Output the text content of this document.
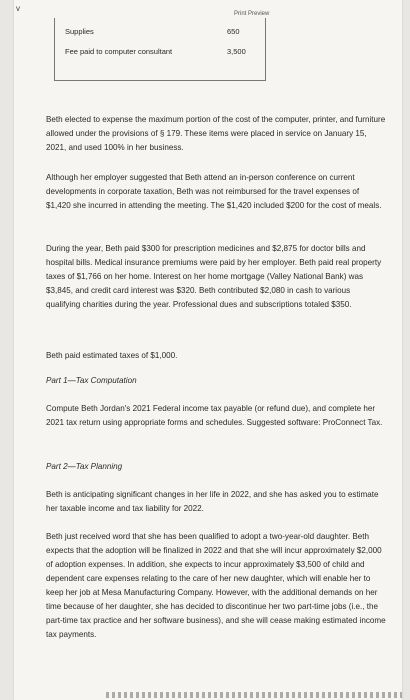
v
Print Preview
Supplies	650
Fee paid to computer consultant	3,500

Beth elected to expense the maximum portion of the cost of the computer, printer, and furniture allowed under the provisions of § 179. These items were placed in service on January 15, 2021, and used 100% in her business.

Although her employer suggested that Beth attend an in-person conference on current developments in corporate taxation, Beth was not reimbursed for the travel expenses of $1,420 she incurred in attending the meeting. The $1,420 included $200 for the cost of meals.

During the year, Beth paid $300 for prescription medicines and $2,875 for doctor bills and hospital bills. Medical insurance premiums were paid by her employer. Beth paid real property taxes of $1,766 on her home. Interest on her home mortgage (Valley National Bank) was $3,845, and credit card interest was $320. Beth contributed $2,080 in cash to various qualifying charities during the year. Professional dues and subscriptions totaled $350.

Beth paid estimated taxes of $1,000.

Part 1—Tax Computation

Compute Beth Jordan's 2021 Federal income tax payable (or refund due), and complete her 2021 tax return using appropriate forms and schedules. Suggested software: ProConnect Tax.

Part 2—Tax Planning

Beth is anticipating significant changes in her life in 2022, and she has asked you to estimate her taxable income and tax liability for 2022.

Beth just received word that she has been qualified to adopt a two-year-old daughter. Beth expects that the adoption will be finalized in 2022 and that she will incur approximately $2,000 of adoption expenses. In addition, she expects to incur approximately $3,500 of child and dependent care expenses relating to the care of her new daughter, which will enable her to keep her job at Mesa Manufacturing Company. However, with the additional demands on her time because of her daughter, she has decided to discontinue her two part-time jobs (i.e., the part-time tax practice and her software business), and she will cease making estimated income tax payments.
